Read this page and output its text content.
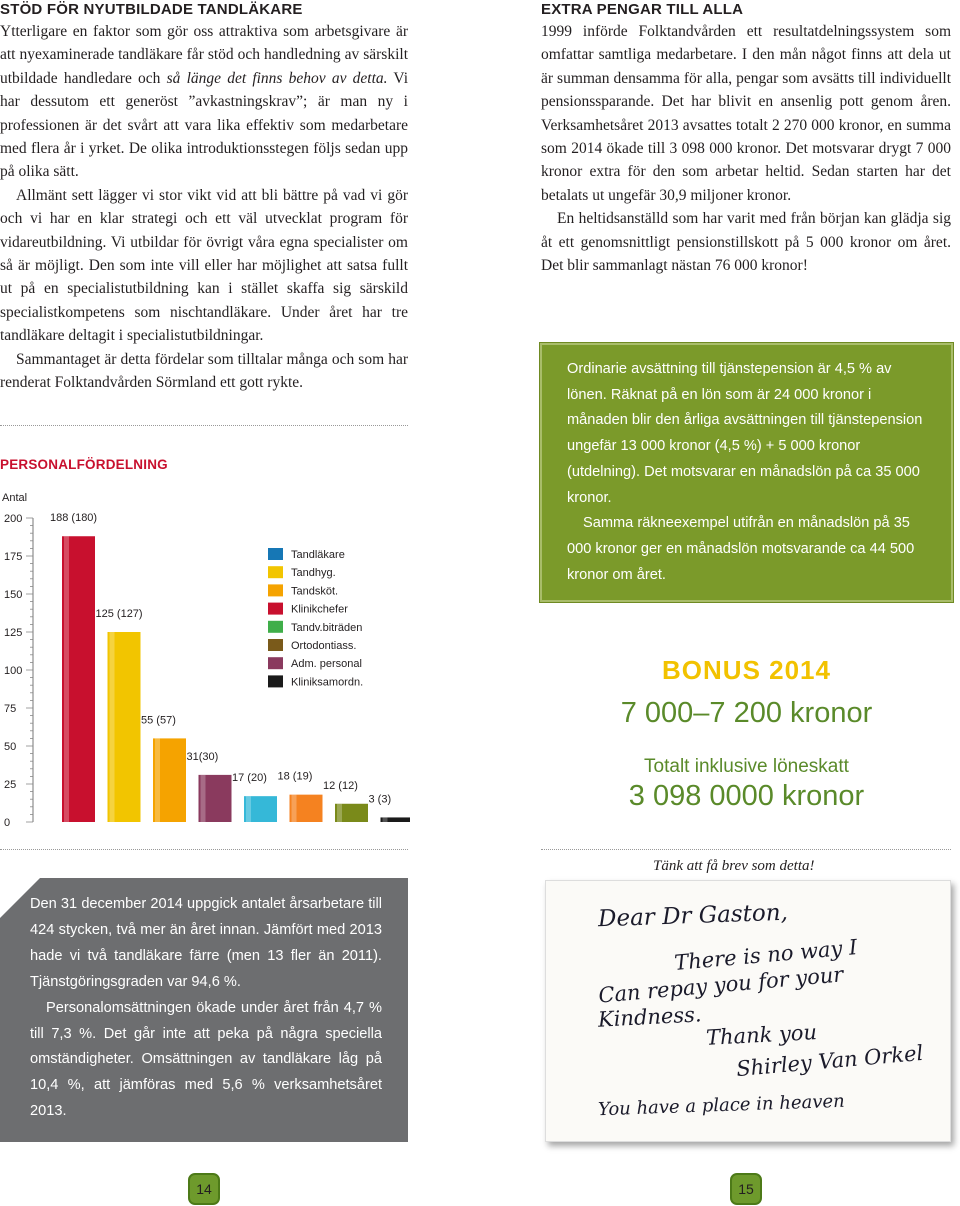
STÖD FÖR NYUTBILDADE TANDLÄKARE

Ytterligare en faktor som gör oss attraktiva som arbetsgivare är att nyexaminerade tandläkare får stöd och handledning av särskilt utbildade handledare och så länge det finns behov av detta. Vi har dessutom ett generöst ”avkastningskrav”; är man ny i professionen är det svårt att vara lika effektiv som medarbetare med flera år i yrket. De olika introduktionsstegen följs sedan upp på olika sätt.

Allmänt sett lägger vi stor vikt vid att bli bättre på vad vi gör och vi har en klar strategi och ett väl utvecklat program för vidareutbildning. Vi utbildar för övrigt våra egna specialister om så är möjligt. Den som inte vill eller har möjlighet att satsa fullt ut på en specialistutbildning kan i stället skaffa sig särskild specialistkompetens som nischtandläkare. Under året har tre tandläkare deltagit i specialistutbildningar.

Sammantaget är detta fördelar som tilltalar många och som har renderat Folktandvården Sörmland ett gott rykte.

PERSONALFÖRDELNING
Antal
0
25
50
75
100
125
150
175
200	188 (180)
125 (127)
55 (57)
31(30)
17 (20) 18 (19)
12 (12)
3 (3)
Tandläkare
Tandhyg.
Tandsköt.
Klinikchefer
Tandv.biträden
Ortodontiass.
Adm. personal
Kliniksamordn.

Den 31 december 2014 uppgick antalet årsarbetare till 424 stycken, två mer än året innan. Jämfört med 2013 hade vi två tandläkare färre (men 13 fler än 2011). Tjänstgöringsgraden var 94,6 %.

Personalomsättningen ökade under året från 4,7 % till 7,3 %. Det går inte att peka på några speciella omständigheter. Omsättningen av tandläkare låg på 10,4 %, att jämföras med 5,6 % verksamhetsåret 2013.

EXTRA PENGAR TILL ALLA

1999 införde Folktandvården ett resultatdelningssystem som omfattar samtliga medarbetare. I den mån något finns att dela ut är summan densamma för alla, pengar som avsätts till individuellt pensionssparande. Det har blivit en ansenlig pott genom åren. Verksamhetsåret 2013 avsattes totalt 2 270 000 kronor, en summa som 2014 ökade till 3 098 000 kronor. Det motsvarar drygt 7 000 kronor extra för den som arbetar heltid. Sedan starten har det betalats ut ungefär 30,9 miljoner kronor.

En heltidsanställd som har varit med från början kan glädja sig åt ett genomsnittligt pensionstillskott på 5 000 kronor om året. Det blir sammanlagt nästan 76 000 kronor!

Ordinarie avsättning till tjänstepension är 4,5 % av lönen. Räknat på en lön som är 24 000 kronor i månaden blir den årliga avsättningen till tjänstepension ungefär 13 000 kronor (4,5 %) + 5 000 kronor (utdelning). Det motsvarar en månadslön på ca 35 000 kronor.

Samma räkneexempel utifrån en månadslön på 35 000 kronor ger en månadslön motsvarande ca 44 500 kronor om året.

BONUS 2014
7 000–7 200 kronor
Totalt inklusive löneskatt
3 098 0000 kronor
Tänk att få brev som detta!
Dear Dr Gaston,
There is no way I
Can repay you for your
Kindness.
Thank you
Shirley Van Orkel
You have a place in heaven
14	15
